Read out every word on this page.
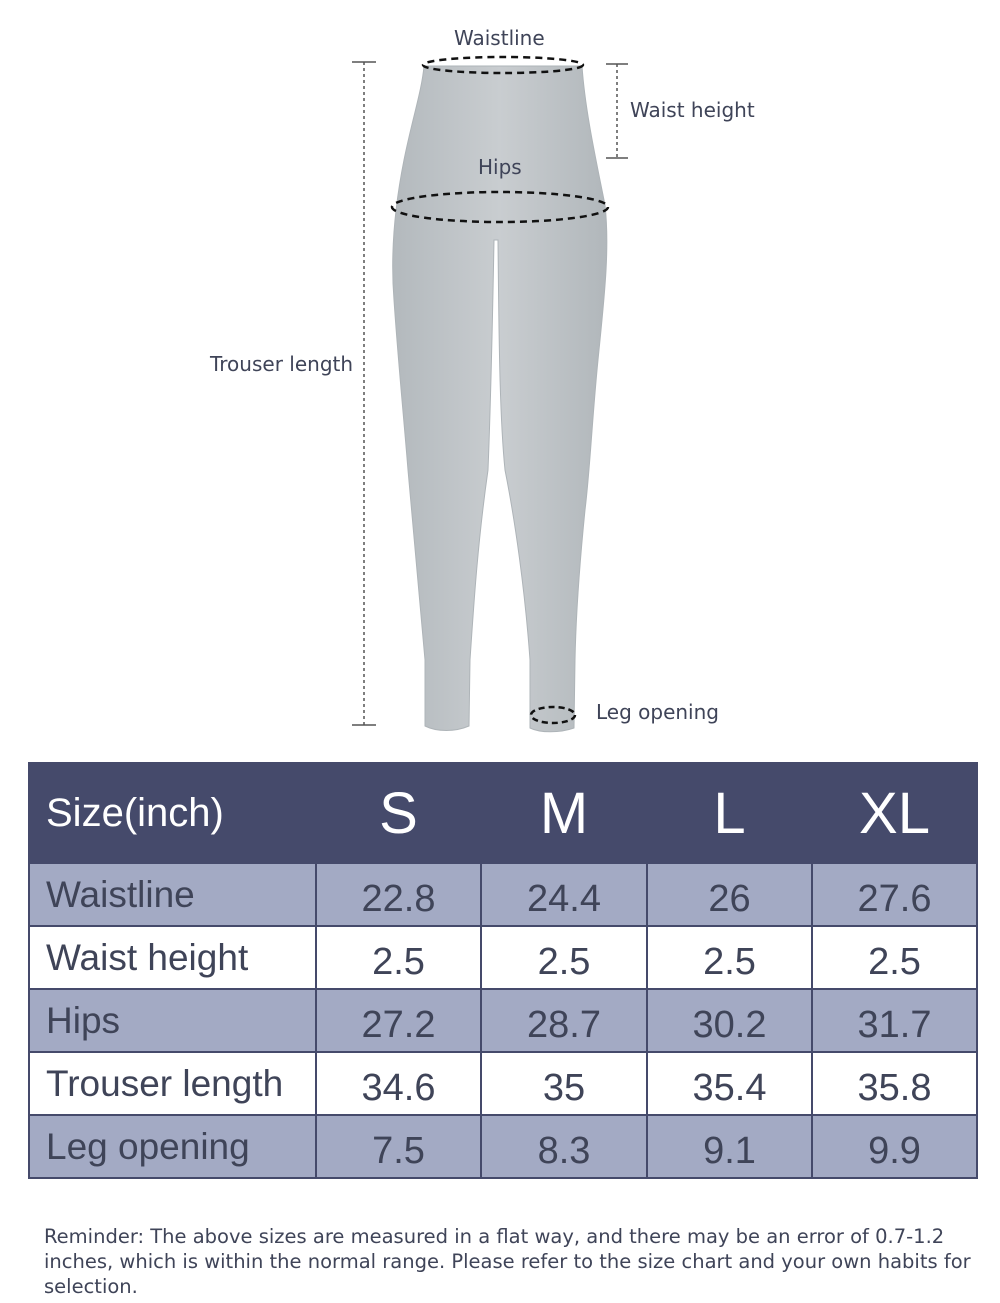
Waistline
Waist height
Hips
Trouser length
Leg opening
Size(inch)	S	M	L	XL
Waistline	22.8	24.4	26	27.6
Waist height	2.5	2.5	2.5	2.5
Hips	27.2	28.7	30.2	31.7
Trouser length	34.6	35	35.4	35.8
Leg opening	7.5	8.3	9.1	9.9
Reminder: The above sizes are measured in a flat way, and there may be an error of 0.7-1.2 inches, which is within the normal range. Please refer to the size chart and your own habits for selection.
